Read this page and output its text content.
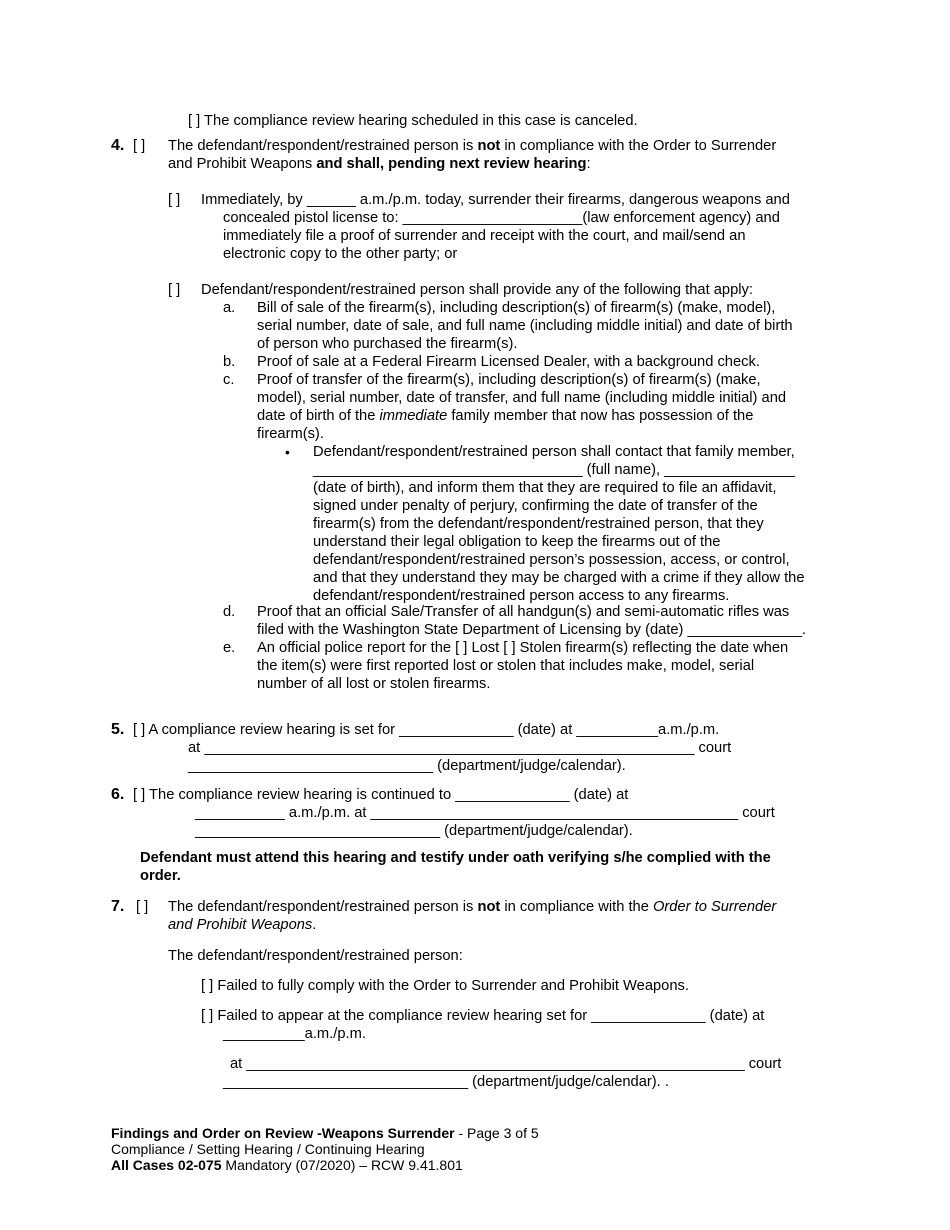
[ ] The compliance review hearing scheduled in this case is canceled.
4. [ ] The defendant/respondent/restrained person is not in compliance with the Order to Surrender
and Prohibit Weapons and shall, pending next review hearing:
[ ] Immediately, by ______ a.m./p.m. today, surrender their firearms, dangerous weapons and
concealed pistol license to: ______________________(law enforcement agency) and
immediately file a proof of surrender and receipt with the court, and mail/send an
electronic copy to the other party; or
[ ] Defendant/respondent/restrained person shall provide any of the following that apply:
a. Bill of sale of the firearm(s), including description(s) of firearm(s) (make, model),
serial number, date of sale, and full name (including middle initial) and date of birth
of person who purchased the firearm(s).
b. Proof of sale at a Federal Firearm Licensed Dealer, with a background check.
c. Proof of transfer of the firearm(s), including description(s) of firearm(s) (make,
model), serial number, date of transfer, and full name (including middle initial) and
date of birth of the immediate family member that now has possession of the
firearm(s).
• Defendant/respondent/restrained person shall contact that family member,
_________________________________ (full name), ________________
(date of birth), and inform them that they are required to file an affidavit,
signed under penalty of perjury, confirming the date of transfer of the
firearm(s) from the defendant/respondent/restrained person, that they
understand their legal obligation to keep the firearms out of the
defendant/respondent/restrained person’s possession, access, or control,
and that they understand they may be charged with a crime if they allow the
defendant/respondent/restrained person access to any firearms.
d. Proof that an official Sale/Transfer of all handgun(s) and semi-automatic rifles was
filed with the Washington State Department of Licensing by (date) ______________.
e. An official police report for the [ ] Lost [ ] Stolen firearm(s) reflecting the date when
the item(s) were first reported lost or stolen that includes make, model, serial
number of all lost or stolen firearms.
5. [ ] A compliance review hearing is set for ______________ (date) at __________a.m./p.m.
at ____________________________________________________________ court
______________________________ (department/judge/calendar).
6. [ ] The compliance review hearing is continued to ______________ (date) at
___________ a.m./p.m. at _____________________________________________ court
______________________________ (department/judge/calendar).
Defendant must attend this hearing and testify under oath verifying s/he complied with the
order.
7. [ ] The defendant/respondent/restrained person is not in compliance with the Order to Surrender
and Prohibit Weapons.
The defendant/respondent/restrained person:
[ ] Failed to fully comply with the Order to Surrender and Prohibit Weapons.
[ ] Failed to appear at the compliance review hearing set for ______________ (date) at
__________a.m./p.m.
at _____________________________________________________________ court
______________________________ (department/judge/calendar). .
Findings and Order on Review -Weapons Surrender - Page 3 of 5
Compliance / Setting Hearing / Continuing Hearing
All Cases 02-075 Mandatory (07/2020) – RCW 9.41.801
